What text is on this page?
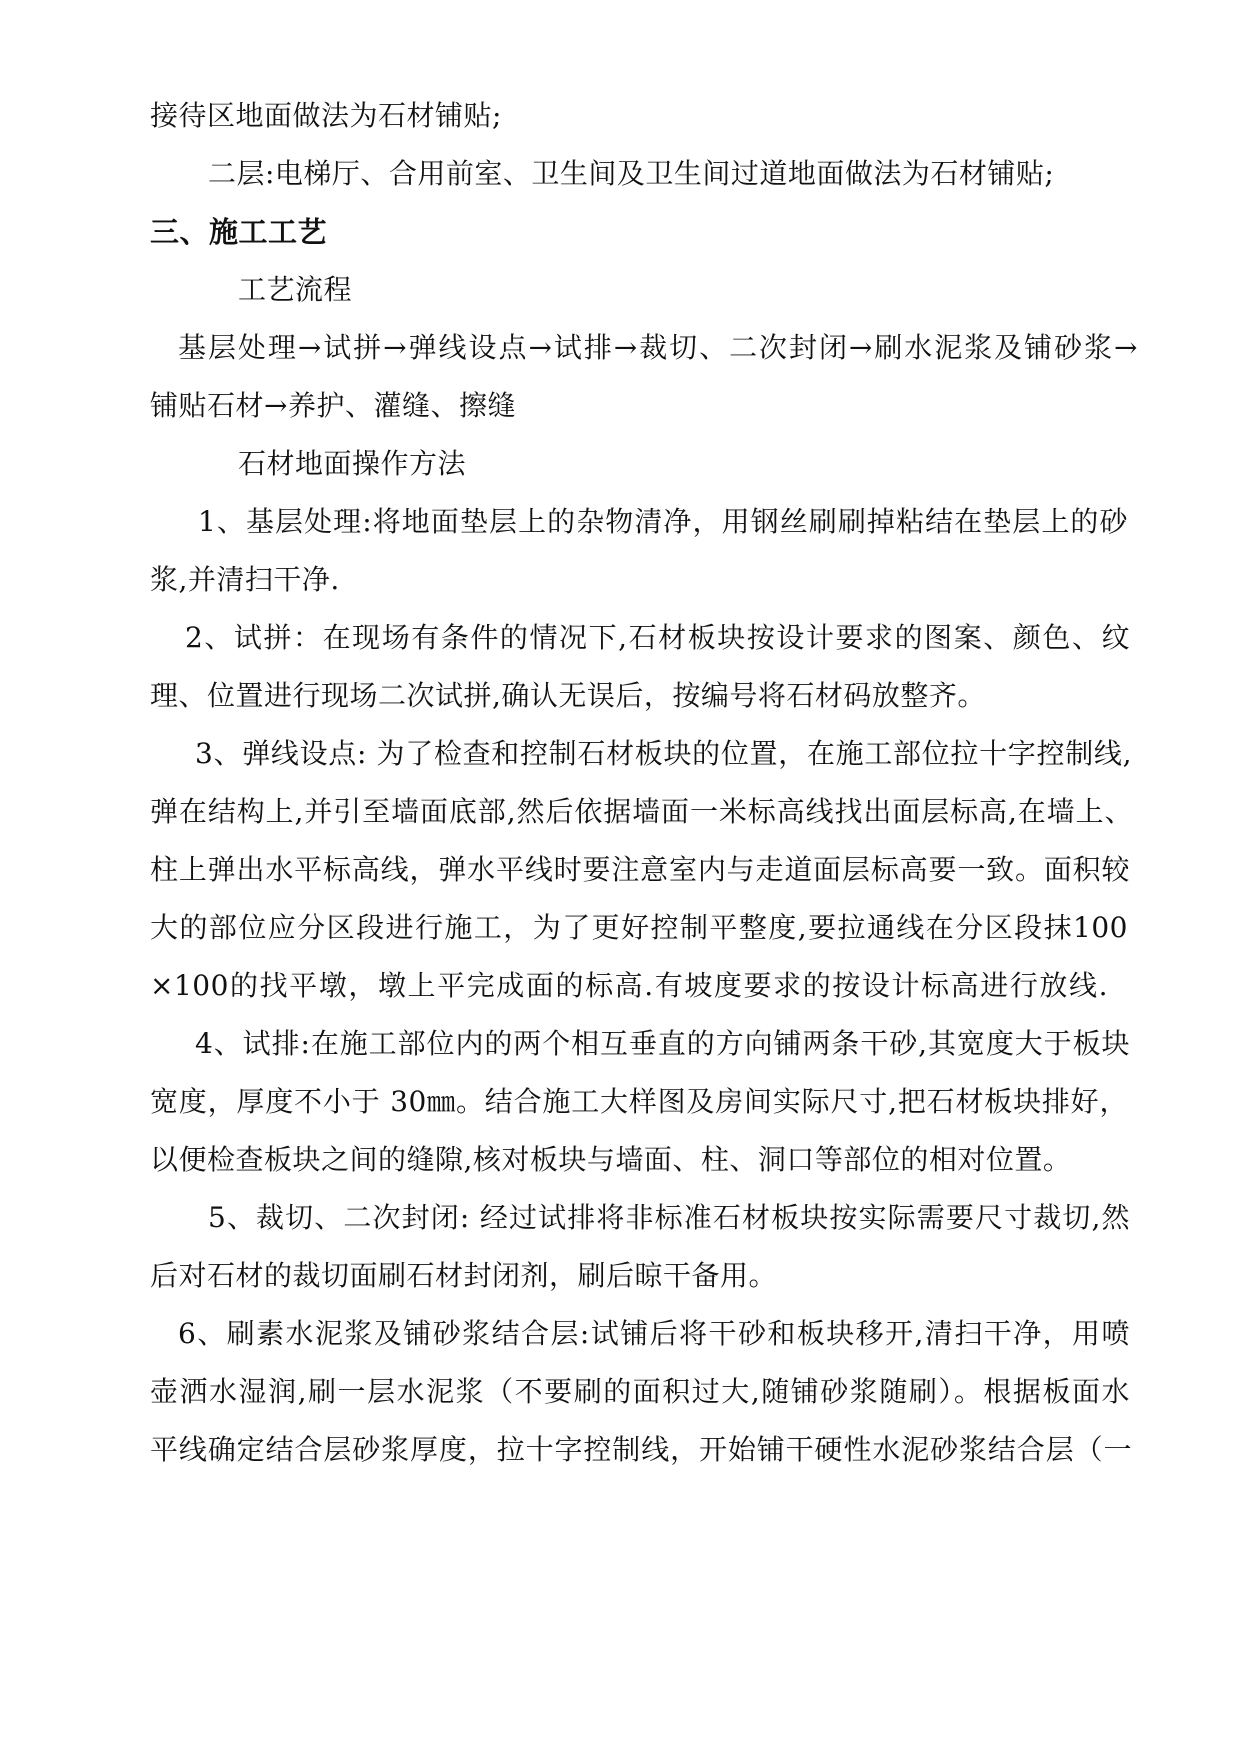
接待区地面做法为石材铺贴;
二层:电梯厅、合用前室、卫生间及卫生间过道地面做法为石材铺贴;
三、施工工艺
工艺流程
基层处理→试拼→弹线设点→试排→裁切、二次封闭→刷水泥浆及铺砂浆→
铺贴石材→养护、灌缝、擦缝
石材地面操作方法
1、基层处理:将地面垫层上的杂物清净，用钢丝刷刷掉粘结在垫层上的砂
浆,并清扫干净.
2、试拼：在现场有条件的情况下,石材板块按设计要求的图案、颜色、纹
理、位置进行现场二次试拼,确认无误后，按编号将石材码放整齐。
3、弹线设点: 为了检查和控制石材板块的位置，在施工部位拉十字控制线,
弹在结构上,并引至墙面底部,然后依据墙面一米标高线找出面层标高,在墙上、
柱上弹出水平标高线，弹水平线时要注意室内与走道面层标高要一致。面积较
大的部位应分区段进行施工，为了更好控制平整度,要拉通线在分区段抹100
×100的找平墩，墩上平完成面的标高.有坡度要求的按设计标高进行放线.
4、试排:在施工部位内的两个相互垂直的方向铺两条干砂,其宽度大于板块
宽度，厚度不小于 30㎜。结合施工大样图及房间实际尺寸,把石材板块排好，
以便检查板块之间的缝隙,核对板块与墙面、柱、洞口等部位的相对位置。
5、裁切、二次封闭: 经过试排将非标准石材板块按实际需要尺寸裁切,然
后对石材的裁切面刷石材封闭剂，刷后晾干备用。
6、刷素水泥浆及铺砂浆结合层:试铺后将干砂和板块移开,清扫干净，用喷
壶洒水湿润,刷一层水泥浆（不要刷的面积过大,随铺砂浆随刷）。根据板面水
平线确定结合层砂浆厚度，拉十字控制线，开始铺干硬性水泥砂浆结合层（一
